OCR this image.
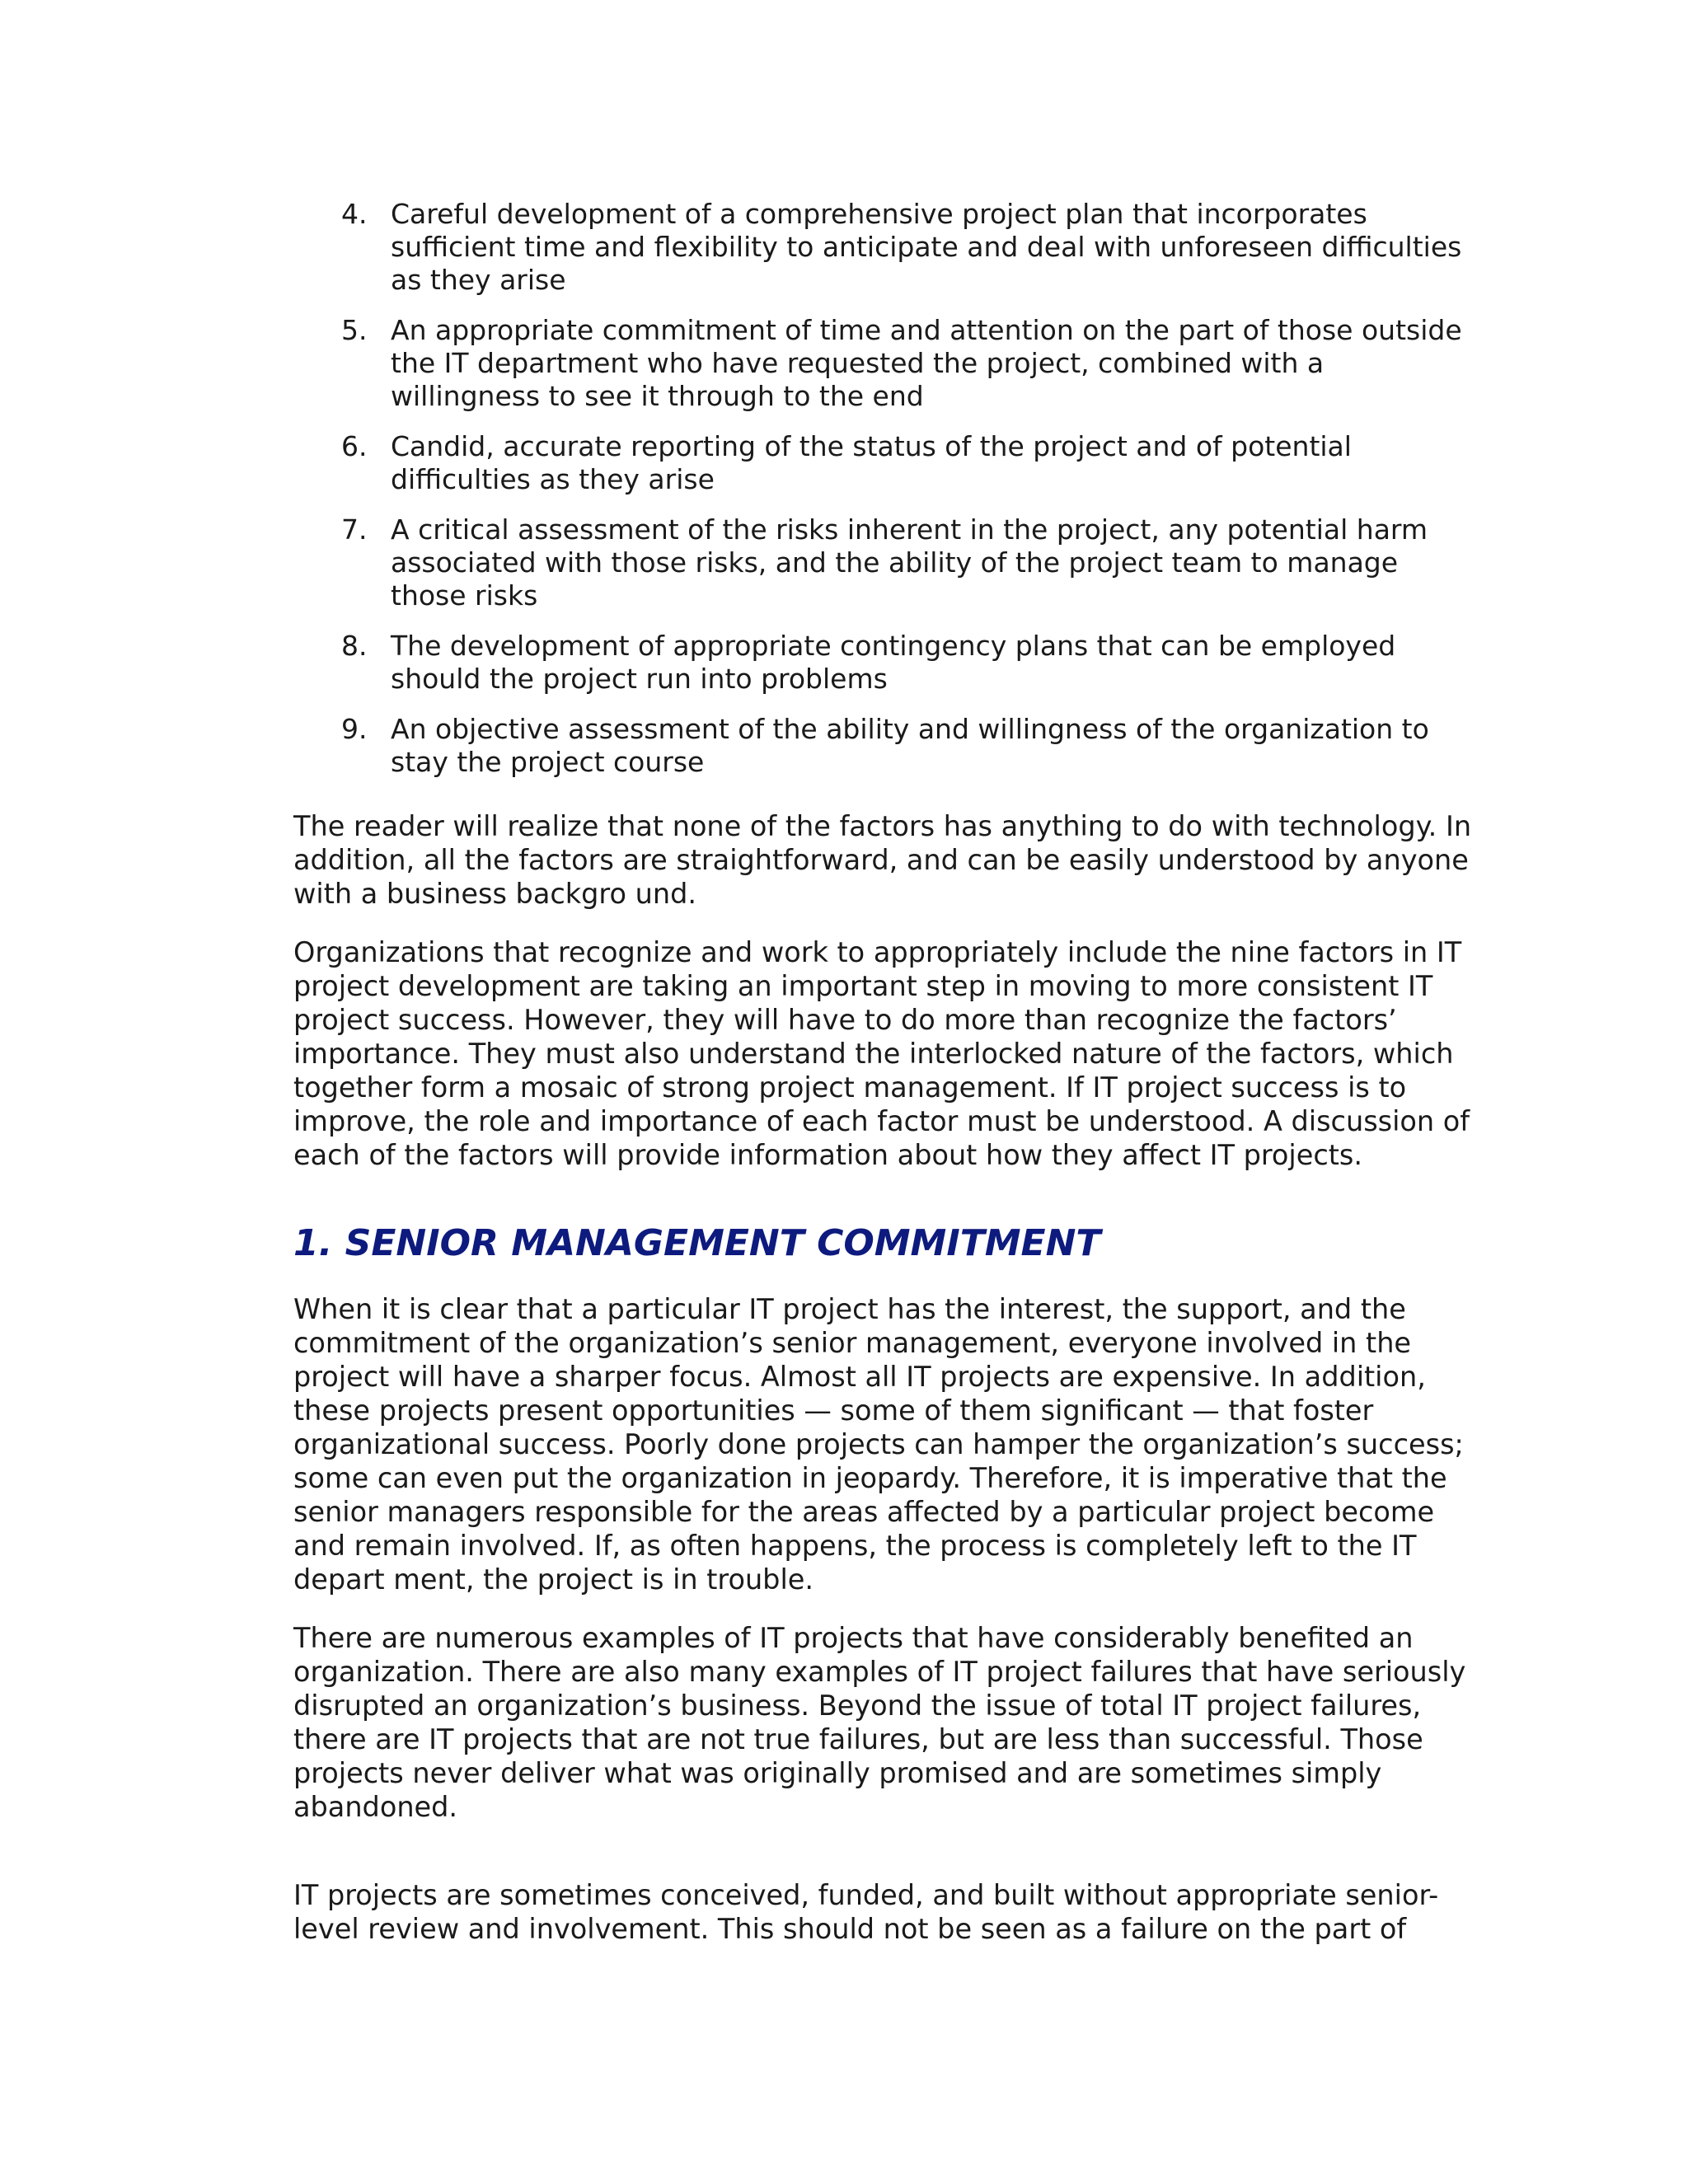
4. Careful development of a comprehensive project plan that incorporates sufficient time and flexibility to anticipate and deal with unforeseen difficulties as they arise
5. An appropriate commitment of time and attention on the part of those outside the IT department who have requested the project, combined with a willingness to see it through to the end
6. Candid, accurate reporting of the status of the project and of potential difficulties as they arise
7. A critical assessment of the risks inherent in the project, any potential harm associated with those risks, and the ability of the project team to manage those risks
8. The development of appropriate contingency plans that can be employed should the project run into problems
9. An objective assessment of the ability and willingness of the organization to stay the project course

The reader will realize that none of the factors has anything to do with technology. In addition, all the factors are straightforward, and can be easily understood by anyone with a business backgro und.

Organizations that recognize and work to appropriately include the nine factors in IT project development are taking an important step in moving to more consistent IT project success. However, they will have to do more than recognize the factors’ importance. They must also understand the interlocked nature of the factors, which together form a mosaic of strong project management. If IT project success is to improve, the role and importance of each factor must be understood. A discussion of each of the factors will provide information about how they affect IT projects.

1. SENIOR MANAGEMENT COMMITMENT

When it is clear that a particular IT project has the interest, the support, and the commitment of the organization’s senior management, everyone involved in the project will have a sharper focus. Almost all IT projects are expensive. In addition, these projects present opportunities — some of them significant — that foster organizational success. Poorly done projects can hamper the organization’s success; some can even put the organization in jeopardy. Therefore, it is imperative that the senior managers responsible for the areas affected by a particular project become and remain involved. If, as often happens, the process is completely left to the IT depart ment, the project is in trouble.

There are numerous examples of IT projects that have considerably benefited an organization. There are also many examples of IT project failures that have seriously disrupted an organization’s business. Beyond the issue of total IT project failures, there are IT projects that are not true failures, but are less than successful. Those projects never deliver what was originally promised and are sometimes simply abandoned.

IT projects are sometimes conceived, funded, and built without appropriate senior-level review and involvement. This should not be seen as a failure on the part of
